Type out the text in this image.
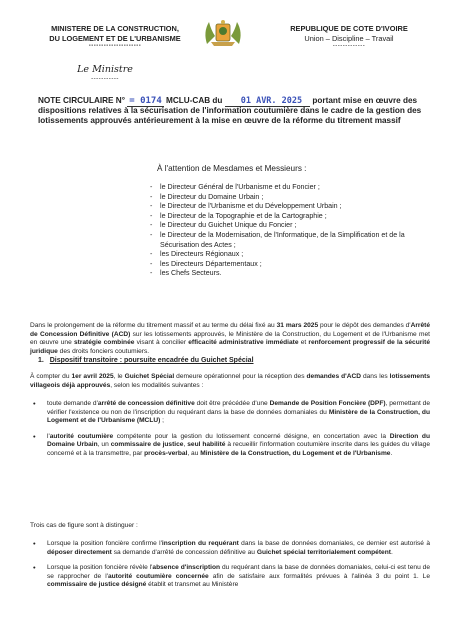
MINISTERE DE LA CONSTRUCTION,
DU LOGEMENT ET DE L'URBANISME
---------------------
REPUBLIQUE DE COTE D'IVOIRE
Union – Discipline – Travail
-------------
Le Ministre
-----------
NOTE CIRCULAIRE N° = 0174 MCLU-CAB du 01 AVR. 2025 portant mise en œuvre des dispositions relatives à la sécurisation de l'information coutumière dans le cadre de la gestion des lotissements approuvés antérieurement à la mise en œuvre de la réforme du titrement massif
À l'attention de Mesdames et Messieurs :
- le Directeur Général de l'Urbanisme et du Foncier ;
- le Directeur du Domaine Urbain ;
- le Directeur de l'Urbanisme et du Développement Urbain ;
- le Directeur de la Topographie et de la Cartographie ;
- le Directeur du Guichet Unique du Foncier ;
- le Directeur de la Modernisation, de l'Informatique, de la Simplification et de la Sécurisation des Actes ;
- les Directeurs Régionaux ;
- les Directeurs Départementaux ;
- les Chefs Secteurs.
Dans le prolongement de la réforme du titrement massif et au terme du délai fixé au 31 mars 2025 pour le dépôt des demandes d'Arrêté de Concession Définitive (ACD) sur les lotissements approuvés, le Ministère de la Construction, du Logement et de l'Urbanisme met en œuvre une stratégie combinée visant à concilier efficacité administrative immédiate et renforcement progressif de la sécurité juridique des droits fonciers coutumiers.
1. Dispositif transitoire : poursuite encadrée du Guichet Spécial
À compter du 1er avril 2025, le Guichet Spécial demeure opérationnel pour la réception des demandes d'ACD dans les lotissements villageois déjà approuvés, selon les modalités suivantes :
• toute demande d'arrêté de concession définitive doit être précédée d'une Demande de Position Foncière (DPF), permettant de vérifier l'existence ou non de l'inscription du requérant dans la base de données domaniales du Ministère de la Construction, du Logement et de l'Urbanisme (MCLU) ;
• l'autorité coutumière compétente pour la gestion du lotissement concerné désigne, en concertation avec la Direction du Domaine Urbain, un commissaire de justice, seul habilité à recueillir l'information coutumière inscrite dans les guides du village concerné et à la transmettre, par procès-verbal, au Ministère de la Construction, du Logement et de l'Urbanisme.
Trois cas de figure sont à distinguer :
• Lorsque la position foncière confirme l'inscription du requérant dans la base de données domaniales, ce dernier est autorisé à déposer directement sa demande d'arrêté de concession définitive au Guichet spécial territorialement compétent.
• Lorsque la position foncière révèle l'absence d'inscription du requérant dans la base de données domaniales, celui-ci est tenu de se rapprocher de l'autorité coutumière concernée afin de satisfaire aux formalités prévues à l'alinéa 3 du point 1. Le commissaire de justice désigné établit et transmet au Ministère
